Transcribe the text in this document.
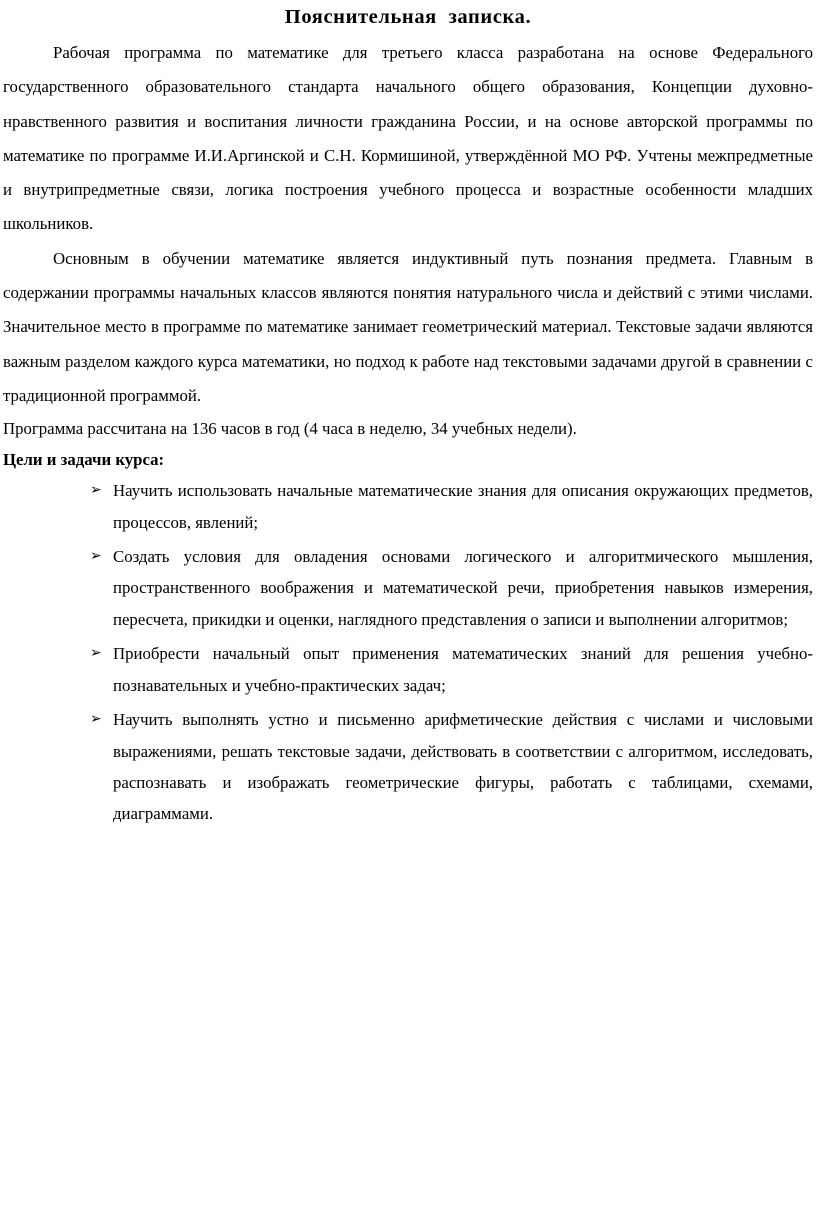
Пояснительная записка.

Рабочая программа по математике для третьего класса разработана на основе Федерального государственного образовательного стандарта начального общего образования, Концепции духовно-нравственного развития и воспитания личности гражданина России, и на основе авторской программы по математике по программе И.И.Аргинской и С.Н. Кормишиной, утверждённой МО РФ. Учтены межпредметные и внутрипредметные связи, логика построения учебного процесса и возрастные особенности младших школьников.

Основным в обучении математике является индуктивный путь познания предмета. Главным в содержании программы начальных классов являются понятия натурального числа и действий с этими числами. Значительное место в программе по математике занимает геометрический материал. Текстовые задачи являются важным разделом каждого курса математики, но подход к работе над текстовыми задачами другой в сравнении с традиционной программой.

Программа рассчитана на 136 часов в год (4 часа в неделю, 34 учебных недели).

Цели и задачи курса:

➢ Научить использовать начальные математические знания для описания окружающих предметов, процессов, явлений;
➢ Создать условия для овладения основами логического и алгоритмического мышления, пространственного воображения и математической речи, приобретения навыков измерения, пересчета, прикидки и оценки, наглядного представления о записи и выполнении алгоритмов;
➢ Приобрести начальный опыт применения математических знаний для решения учебно-познавательных и учебно-практических задач;
➢ Научить выполнять устно и письменно арифметические действия с числами и числовыми выражениями, решать текстовые задачи, действовать в соответствии с алгоритмом, исследовать, распознавать и изображать геометрические фигуры, работать с таблицами, схемами, диаграммами.
